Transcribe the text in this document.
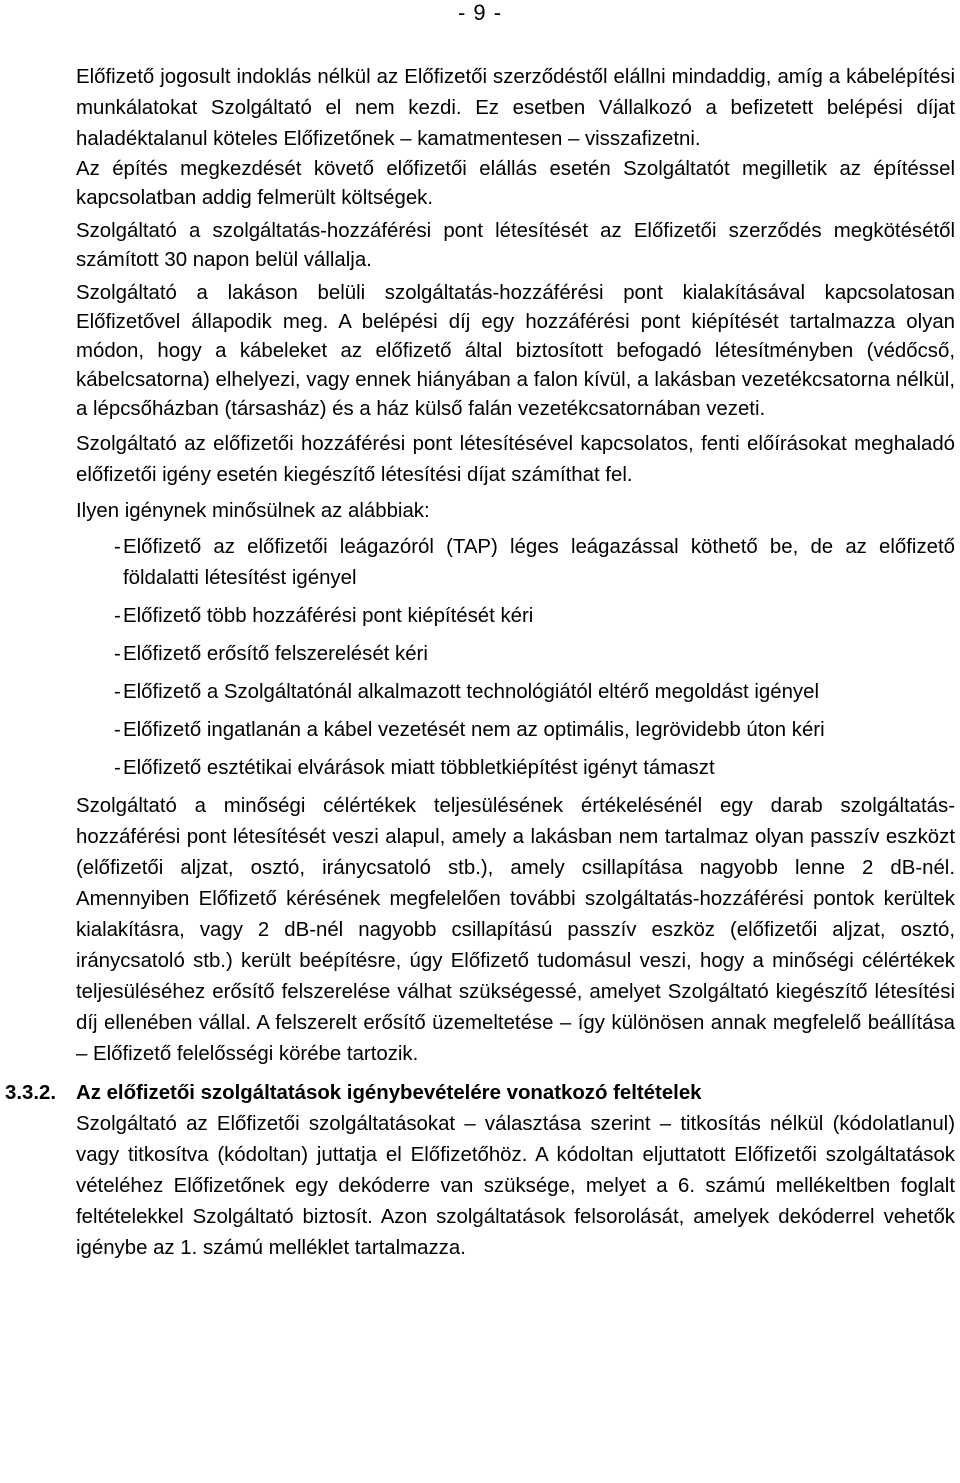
- 9 -

Előfizető jogosult indoklás nélkül az Előfizetői szerződéstől elállni mindaddig, amíg a kábelépítési munkálatokat Szolgáltató el nem kezdi. Ez esetben Vállalkozó a befizetett belépési díjat haladéktalanul köteles Előfizetőnek – kamatmentesen – visszafizetni.

Az építés megkezdését követő előfizetői elállás esetén Szolgáltatót megilletik az építéssel kapcsolatban addig felmerült költségek.

Szolgáltató a szolgáltatás-hozzáférési pont létesítését az Előfizetői szerződés megkötésétől számított 30 napon belül vállalja.

Szolgáltató a lakáson belüli szolgáltatás-hozzáférési pont kialakításával kapcsolatosan Előfizetővel állapodik meg. A belépési díj egy hozzáférési pont kiépítését tartalmazza olyan módon, hogy a kábeleket az előfizető által biztosított befogadó létesítményben (védőcső, kábelcsatorna) elhelyezi, vagy ennek hiányában a falon kívül, a lakásban vezetékcsatorna nélkül, a lépcsőházban (társasház) és a ház külső falán vezetékcsatornában vezeti.

Szolgáltató az előfizetői hozzáférési pont létesítésével kapcsolatos, fenti előírásokat meghaladó előfizetői igény esetén kiegészítő létesítési díjat számíthat fel.

Ilyen igénynek minősülnek az alábbiak:

- Előfizető az előfizetői leágazóról (TAP) léges leágazással köthető be, de az előfizető földalatti létesítést igényel
- Előfizető több hozzáférési pont kiépítését kéri
- Előfizető erősítő felszerelését kéri
- Előfizető a Szolgáltatónál alkalmazott technológiától eltérő megoldást igényel
- Előfizető ingatlanán a kábel vezetését nem az optimális, legrövidebb úton kéri
- Előfizető esztétikai elvárások miatt többletkiépítést igényt támaszt

Szolgáltató a minőségi célértékek teljesülésének értékelésénél egy darab szolgáltatás-hozzáférési pont létesítését veszi alapul, amely a lakásban nem tartalmaz olyan passzív eszközt (előfizetői aljzat, osztó, iránycsatoló stb.), amely csillapítása nagyobb lenne 2 dB-nél. Amennyiben Előfizető kérésének megfelelően további szolgáltatás-hozzáférési pontok kerültek kialakításra, vagy 2 dB-nél nagyobb csillapítású passzív eszköz (előfizetői aljzat, osztó, iránycsatoló stb.) került beépítésre, úgy Előfizető tudomásul veszi, hogy a minőségi célértékek teljesüléséhez erősítő felszerelése válhat szükségessé, amelyet Szolgáltató kiegészítő létesítési díj ellenében vállal. A felszerelt erősítő üzemeltetése – így különösen annak megfelelő beállítása – Előfizető felelősségi körébe tartozik.

3.3.2. Az előfizetői szolgáltatások igénybevételére vonatkozó feltételek

Szolgáltató az Előfizetői szolgáltatásokat – választása szerint – titkosítás nélkül (kódolatlanul) vagy titkosítva (kódoltan) juttatja el Előfizetőhöz. A kódoltan eljuttatott Előfizetői szolgáltatások vételéhez Előfizetőnek egy dekóderre van szüksége, melyet a 6. számú mellékeltben foglalt feltételekkel Szolgáltató biztosít. Azon szolgáltatások felsorolását, amelyek dekóderrel vehetők igénybe az 1. számú melléklet tartalmazza.
